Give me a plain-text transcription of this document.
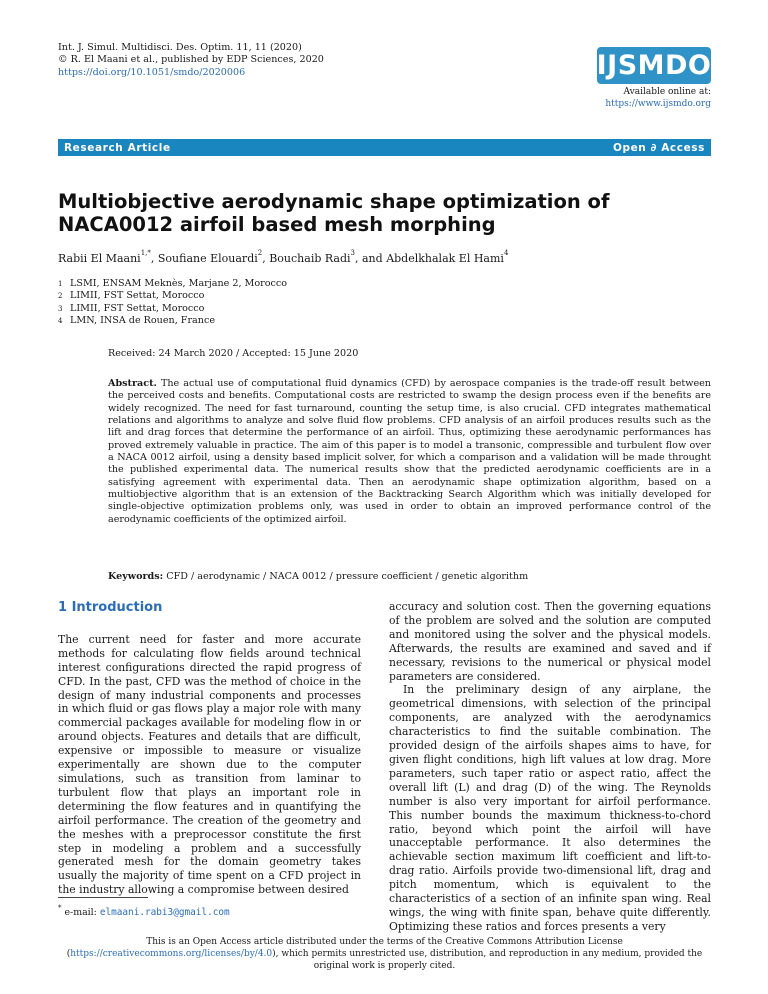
Int. J. Simul. Multidisci. Des. Optim. 11, 11 (2020)
© R. El Maani et al., published by EDP Sciences, 2020
https://doi.org/10.1051/smdo/2020006	IJSMDO
Available online at:
https://www.ijsmdo.org
Research Article	Open ∂ Access
Multiobjective aerodynamic shape optimization of NACA0012 airfoil based mesh morphing
Rabii El Maani$^{1,*}$, Soufiane Elouardi$^2$, Bouchaib Radi$^3$, and Abdelkhalak El Hami$^4$
1 LSMI, ENSAM Meknès, Marjane 2, Morocco
2 LIMII, FST Settat, Morocco
3 LIMII, FST Settat, Morocco
4 LMN, INSA de Rouen, France
Received: 24 March 2020 / Accepted: 15 June 2020
Abstract. The actual use of computational fluid dynamics (CFD) by aerospace companies is the trade-off result between the perceived costs and benefits. Computational costs are restricted to swamp the design process even if the benefits are widely recognized. The need for fast turnaround, counting the setup time, is also crucial. CFD integrates mathematical relations and algorithms to analyze and solve fluid flow problems. CFD analysis of an airfoil produces results such as the lift and drag forces that determine the performance of an airfoil. Thus, optimizing these aerodynamic performances has proved extremely valuable in practice. The aim of this paper is to model a transonic, compressible and turbulent flow over a NACA 0012 airfoil, using a density based implicit solver, for which a comparison and a validation will be made throught the published experimental data. The numerical results show that the predicted aerodynamic coefficients are in a satisfying agreement with experimental data. Then an aerodynamic shape optimization algorithm, based on a multiobjective algorithm that is an extension of the Backtracking Search Algorithm which was initially developed for single-objective optimization problems only, was used in order to obtain an improved performance control of the aerodynamic coefficients of the optimized airfoil.
Keywords: CFD / aerodynamic / NACA 0012 / pressure coefficient / genetic algorithm
1 Introduction

The current need for faster and more accurate methods for calculating flow fields around technical interest configurations directed the rapid progress of CFD. In the past, CFD was the method of choice in the design of many industrial components and processes in which fluid or gas flows play a major role with many commercial packages available for modeling flow in or around objects. Features and details that are difficult, expensive or impossible to measure or visualize experimentally are shown due to the computer simulations, such as transition from laminar to turbulent flow that plays an important role in determining the flow features and in quantifying the airfoil performance. The creation of the geometry and the meshes with a preprocessor constitute the first step in modeling a problem and a successfully generated mesh for the domain geometry takes usually the majority of time spent on a CFD project in the industry allowing a compromise between desired

accuracy and solution cost. Then the governing equations of the problem are solved and the solution are computed and monitored using the solver and the physical models. Afterwards, the results are examined and saved and if necessary, revisions to the numerical or physical model parameters are considered.

In the preliminary design of any airplane, the geometrical dimensions, with selection of the principal components, are analyzed with the aerodynamics characteristics to find the suitable combination. The provided design of the airfoils shapes aims to have, for given flight conditions, high lift values at low drag. More parameters, such taper ratio or aspect ratio, affect the overall lift (L) and drag (D) of the wing. The Reynolds number is also very important for airfoil performance. This number bounds the maximum thickness-to-chord ratio, beyond which point the airfoil will have unacceptable performance. It also determines the achievable section maximum lift coefficient and lift-to-drag ratio. Airfoils provide two-dimensional lift, drag and pitch momentum, which is equivalent to the characteristics of a section of an infinite span wing. Real wings, the wing with finite span, behave quite differently. Optimizing these ratios and forces presents a very

* e-mail: elmaani.rabi3@gmail.com
This is an Open Access article distributed under the terms of the Creative Commons Attribution License (https://creativecommons.org/licenses/by/4.0), which permits unrestricted use, distribution, and reproduction in any medium, provided the original work is properly cited.
